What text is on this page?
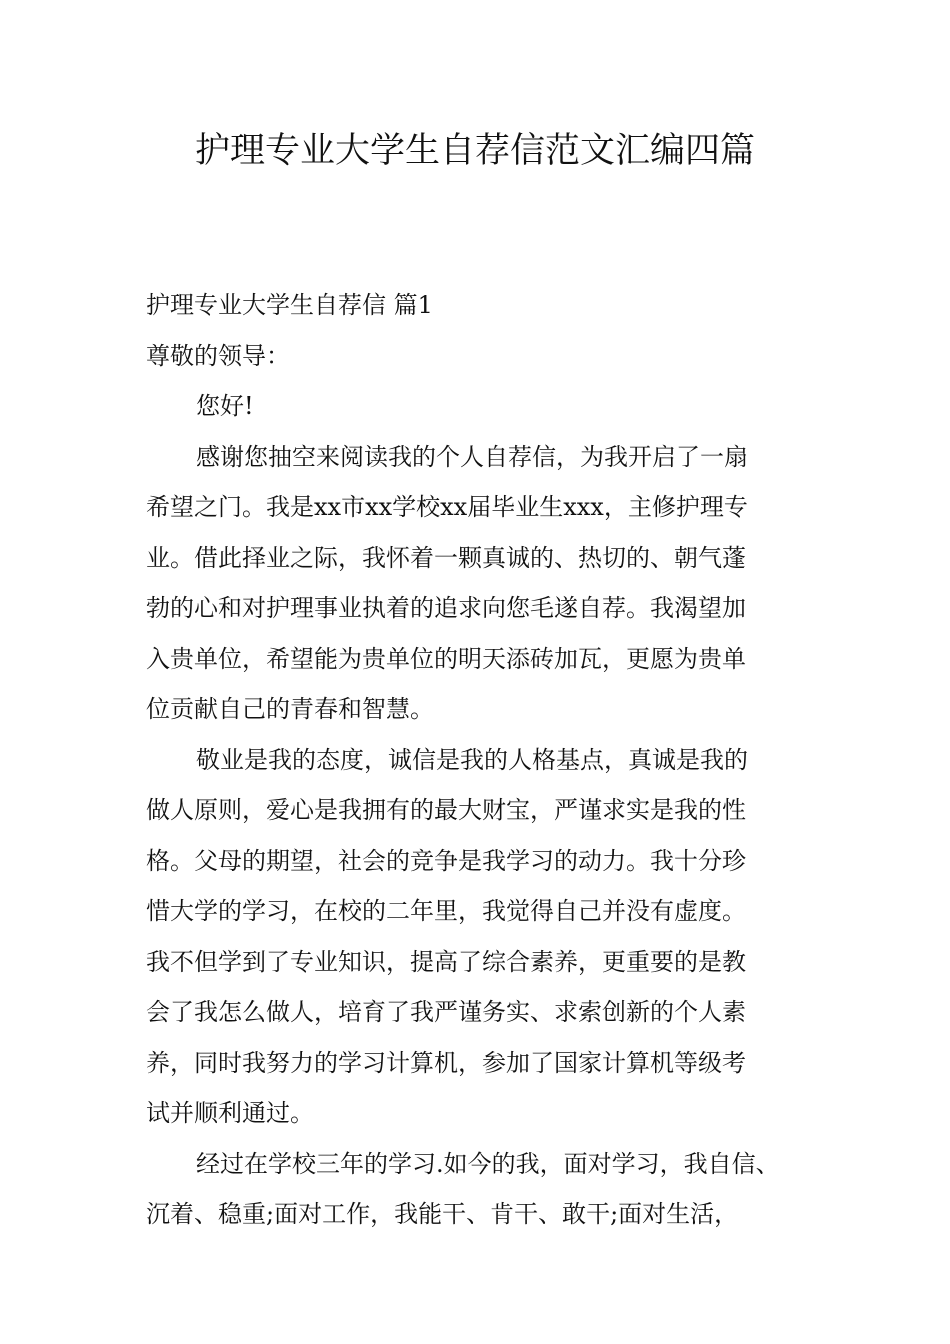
护理专业大学生自荐信范文汇编四篇
护理专业大学生自荐信 篇1
尊敬的领导：
您好!
感谢您抽空来阅读我的个人自荐信，为我开启了一扇
希望之门。我是xx市xx学校xx届毕业生xxx，主修护理专
业。借此择业之际，我怀着一颗真诚的、热切的、朝气蓬
勃的心和对护理事业执着的追求向您毛遂自荐。我渴望加
入贵单位，希望能为贵单位的明天添砖加瓦，更愿为贵单
位贡献自己的青春和智慧。
敬业是我的态度，诚信是我的人格基点，真诚是我的
做人原则，爱心是我拥有的最大财宝，严谨求实是我的性
格。父母的期望，社会的竞争是我学习的动力。我十分珍
惜大学的学习，在校的二年里，我觉得自己并没有虚度。
我不但学到了专业知识，提高了综合素养，更重要的是教
会了我怎么做人，培育了我严谨务实、求索创新的个人素
养，同时我努力的学习计算机，参加了国家计算机等级考
试并顺利通过。
经过在学校三年的学习.如今的我，面对学习，我自信、
沉着、稳重;面对工作，我能干、肯干、敢干;面对生活，
